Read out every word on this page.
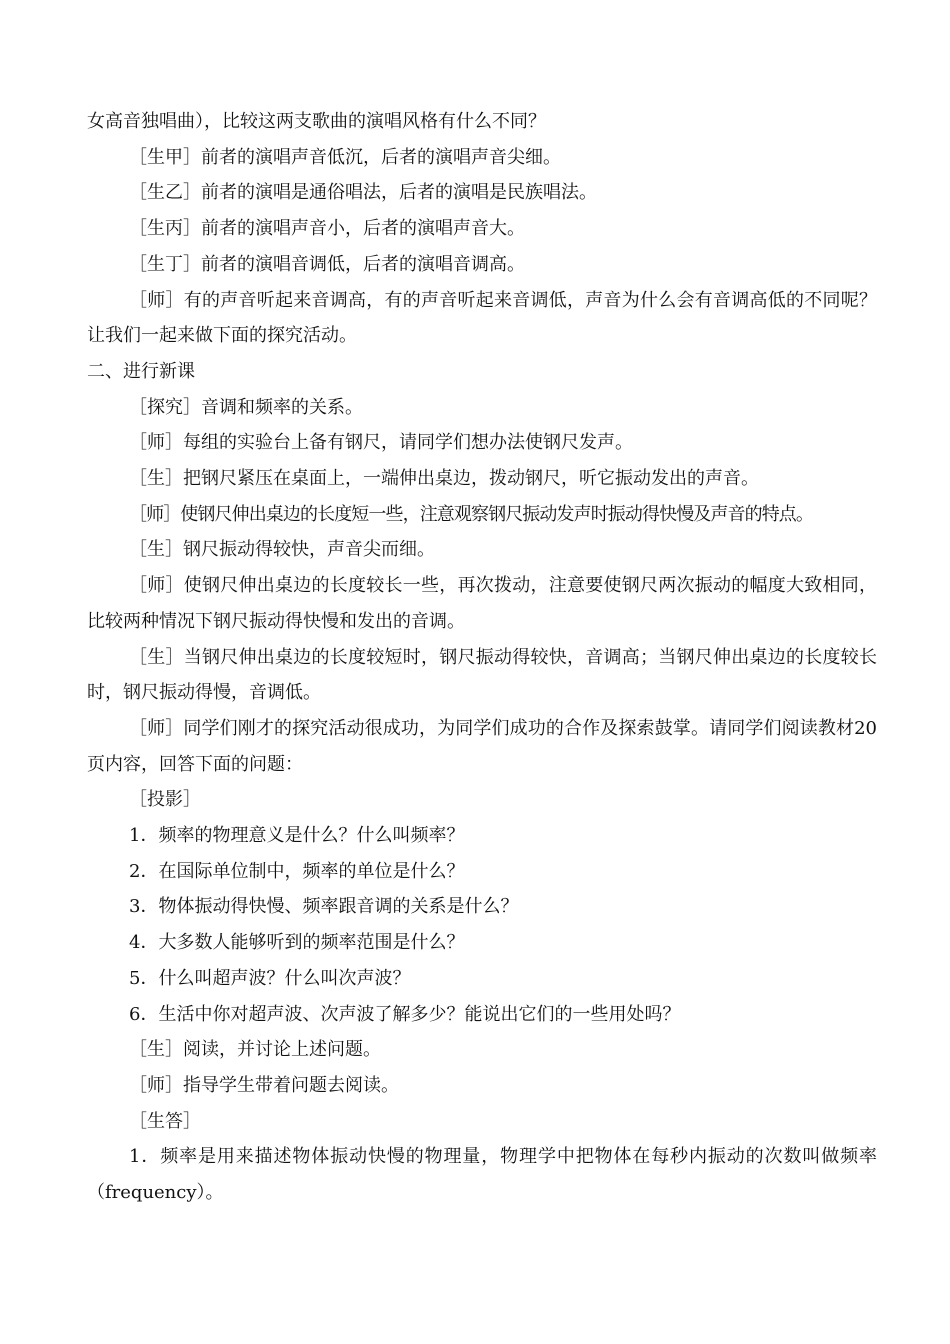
女高音独唱曲），比较这两支歌曲的演唱风格有什么不同？

［生甲］前者的演唱声音低沉，后者的演唱声音尖细。

［生乙］前者的演唱是通俗唱法，后者的演唱是民族唱法。

［生丙］前者的演唱声音小，后者的演唱声音大。

［生丁］前者的演唱音调低，后者的演唱音调高。

［师］有的声音听起来音调高，有的声音听起来音调低，声音为什么会有音调高低的不同呢？让我们一起来做下面的探究活动。

二、进行新课

［探究］音调和频率的关系。

［师］每组的实验台上备有钢尺，请同学们想办法使钢尺发声。

［生］把钢尺紧压在桌面上，一端伸出桌边，拨动钢尺，听它振动发出的声音。

［师］使钢尺伸出桌边的长度短一些，注意观察钢尺振动发声时振动得快慢及声音的特点。

［生］钢尺振动得较快，声音尖而细。

［师］使钢尺伸出桌边的长度较长一些，再次拨动，注意要使钢尺两次振动的幅度大致相同，比较两种情况下钢尺振动得快慢和发出的音调。

［生］当钢尺伸出桌边的长度较短时，钢尺振动得较快，音调高；当钢尺伸出桌边的长度较长时，钢尺振动得慢，音调低。

［师］同学们刚才的探究活动很成功，为同学们成功的合作及探索鼓掌。请同学们阅读教材20页内容，回答下面的问题：

［投影］

1．频率的物理意义是什么？什么叫频率？

2．在国际单位制中，频率的单位是什么？

3．物体振动得快慢、频率跟音调的关系是什么？

4．大多数人能够听到的频率范围是什么？

5．什么叫超声波？什么叫次声波？

6．生活中你对超声波、次声波了解多少？能说出它们的一些用处吗？

［生］阅读，并讨论上述问题。

［师］指导学生带着问题去阅读。

［生答］

1．频率是用来描述物体振动快慢的物理量，物理学中把物体在每秒内振动的次数叫做频率（frequency）。
